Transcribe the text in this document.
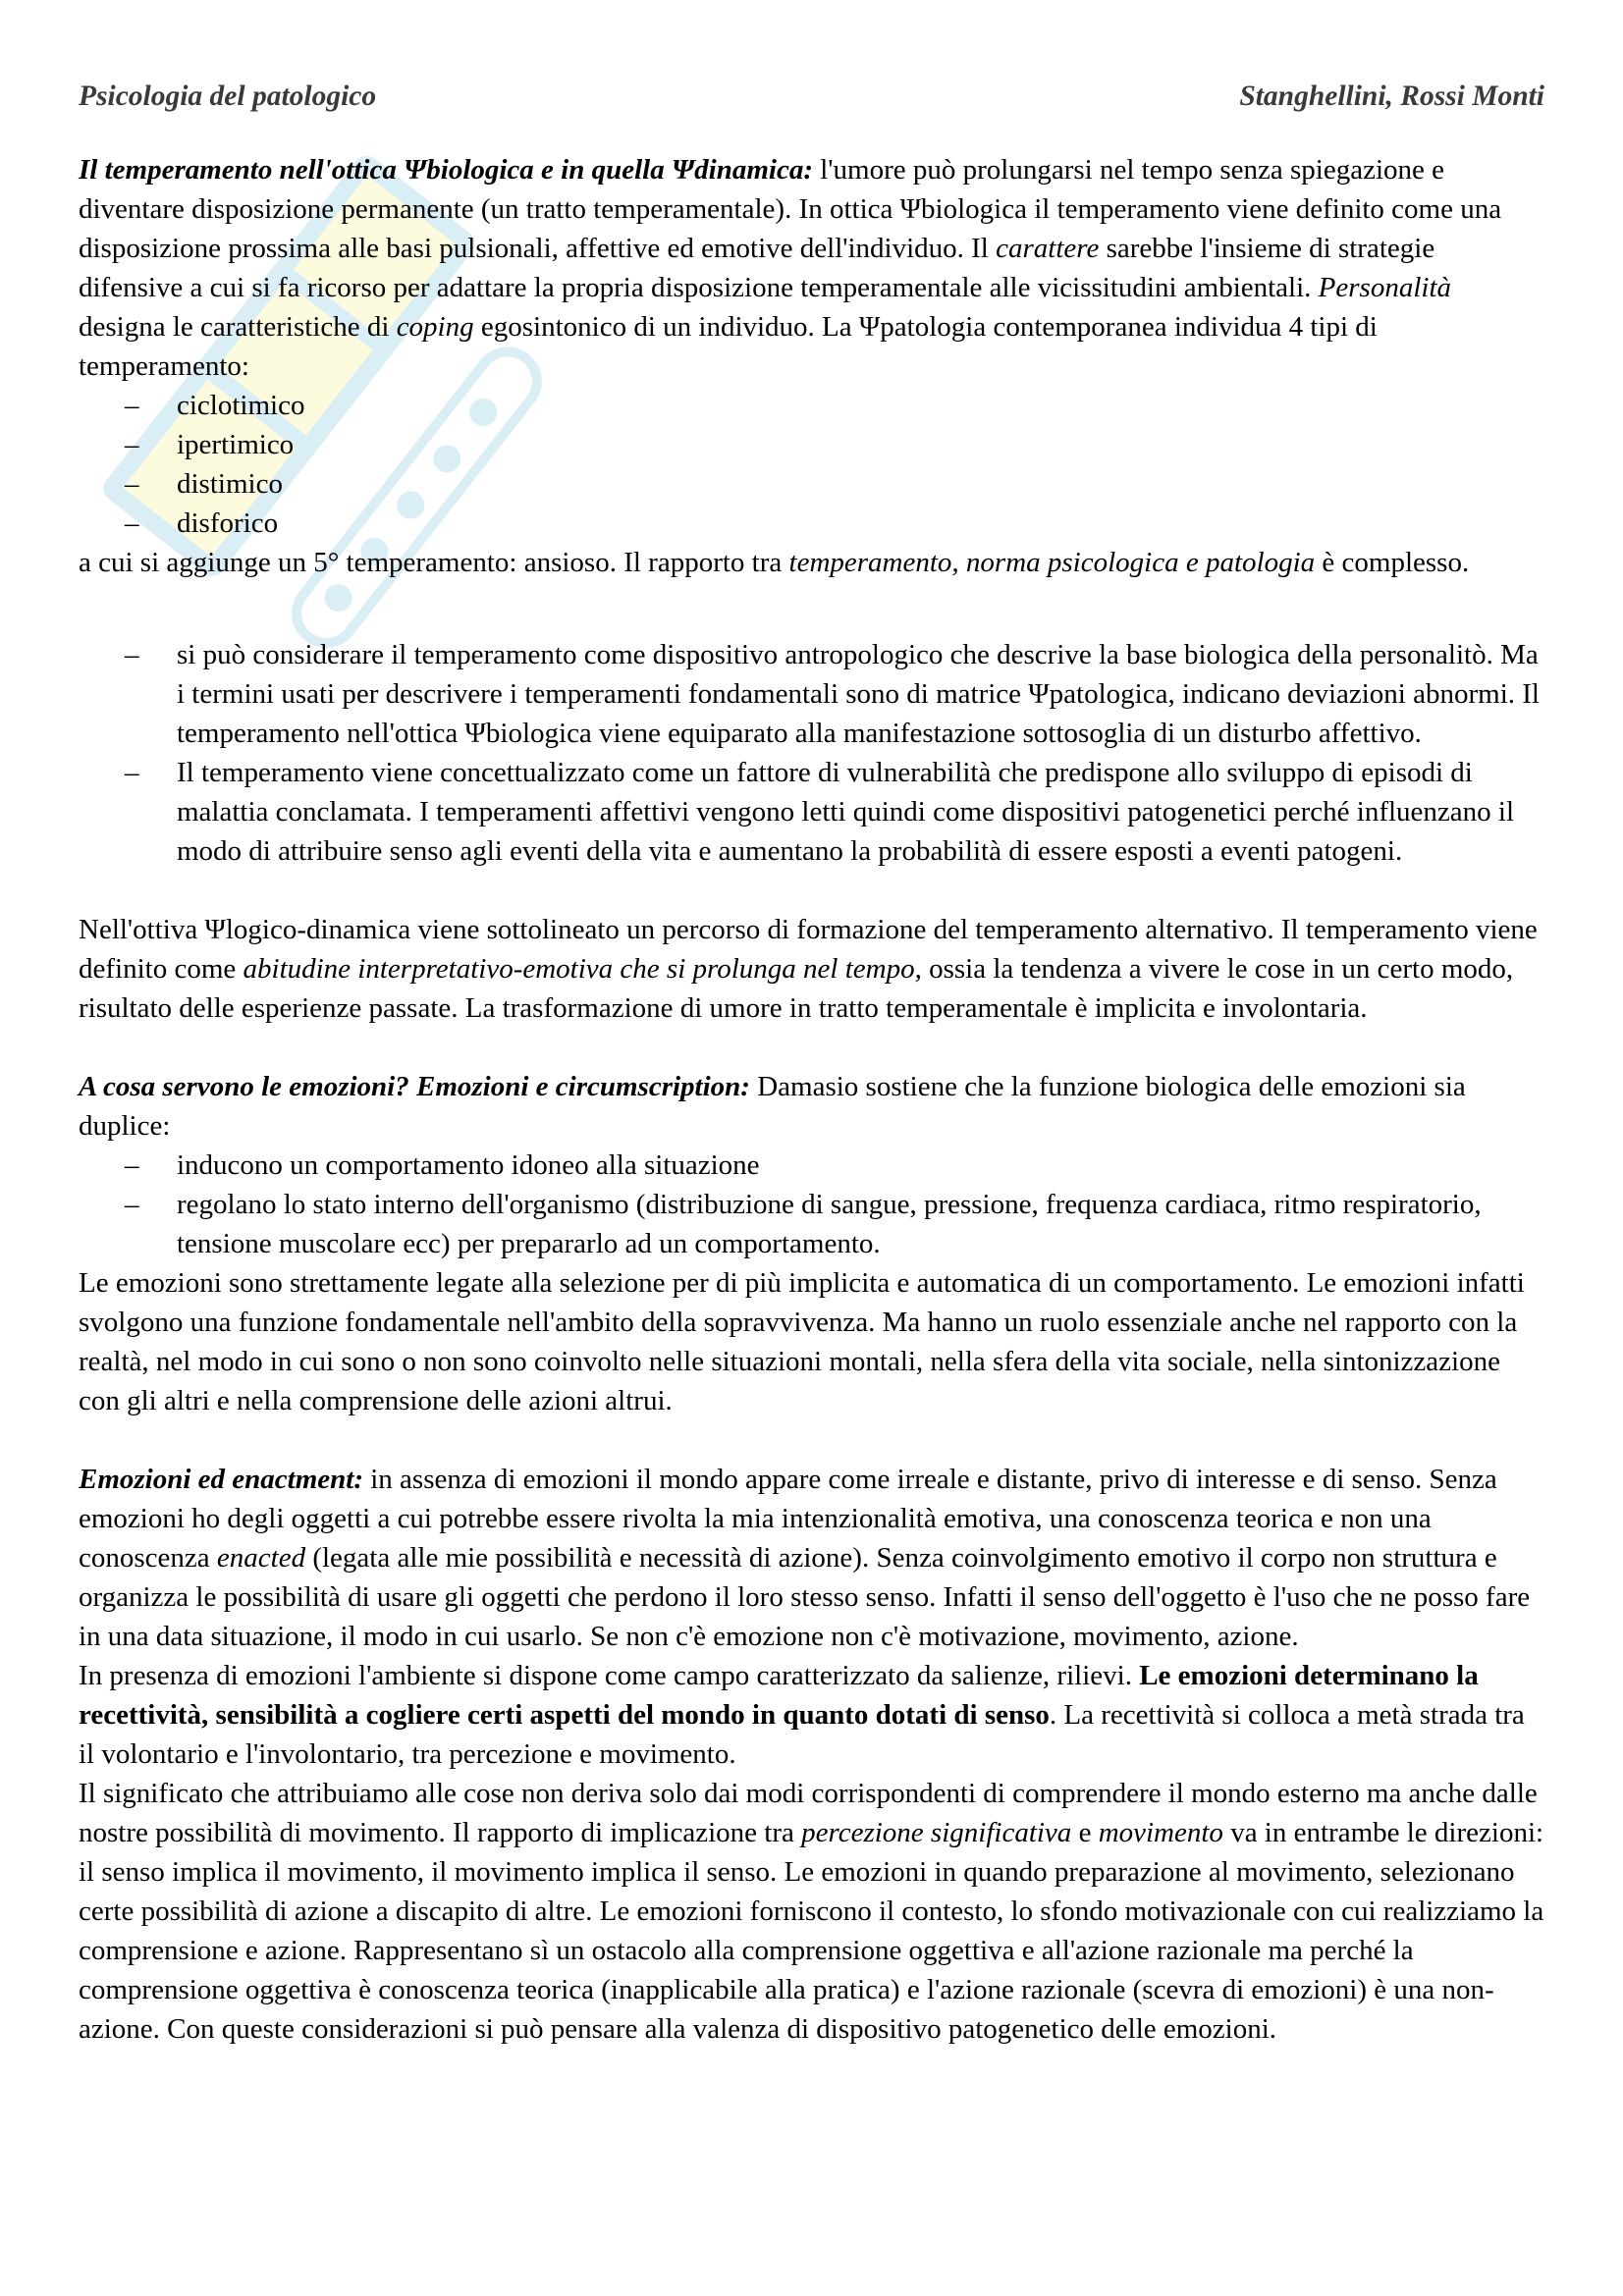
Psicologia del patologico	Stanghellini, Rossi Monti

Il temperamento nell'ottica Ψbiologica e in quella Ψdinamica: l'umore può prolungarsi nel tempo senza spiegazione e diventare disposizione permanente (un tratto temperamentale). In ottica Ψbiologica il temperamento viene definito come una disposizione prossima alle basi pulsionali, affettive ed emotive dell'individuo. Il carattere sarebbe l'insieme di strategie difensive a cui si fa ricorso per adattare la propria disposizione temperamentale alle vicissitudini ambientali. Personalità designa le caratteristiche di coping egosintonico di un individuo. La Ψpatologia contemporanea individua 4 tipi di temperamento:

– ciclotimico
– ipertimico
– distimico
– disforico

a cui si aggiunge un 5° temperamento: ansioso. Il rapporto tra temperamento, norma psicologica e patologia è complesso.

– si può considerare il temperamento come dispositivo antropologico che descrive la base biologica della personalitò. Ma i termini usati per descrivere i temperamenti fondamentali sono di matrice Ψpatologica, indicano deviazioni abnormi. Il temperamento nell'ottica Ψbiologica viene equiparato alla manifestazione sottosoglia di un disturbo affettivo.
– Il temperamento viene concettualizzato come un fattore di vulnerabilità che predispone allo sviluppo di episodi di malattia conclamata. I temperamenti affettivi vengono letti quindi come dispositivi patogenetici perché influenzano il modo di attribuire senso agli eventi della vita e aumentano la probabilità di essere esposti a eventi patogeni.

Nell'ottiva Ψlogico-dinamica viene sottolineato un percorso di formazione del temperamento alternativo. Il temperamento viene definito come abitudine interpretativo-emotiva che si prolunga nel tempo, ossia la tendenza a vivere le cose in un certo modo, risultato delle esperienze passate. La trasformazione di umore in tratto temperamentale è implicita e involontaria.

A cosa servono le emozioni? Emozioni e circumscription: Damasio sostiene che la funzione biologica delle emozioni sia duplice:

– inducono un comportamento idoneo alla situazione
– regolano lo stato interno dell'organismo (distribuzione di sangue, pressione, frequenza cardiaca, ritmo respiratorio, tensione muscolare ecc) per prepararlo ad un comportamento.

Le emozioni sono strettamente legate alla selezione per di più implicita e automatica di un comportamento. Le emozioni infatti svolgono una funzione fondamentale nell'ambito della sopravvivenza. Ma hanno un ruolo essenziale anche nel rapporto con la realtà, nel modo in cui sono o non sono coinvolto nelle situazioni montali, nella sfera della vita sociale, nella sintonizzazione con gli altri e nella comprensione delle azioni altrui.

Emozioni ed enactment: in assenza di emozioni il mondo appare come irreale e distante, privo di interesse e di senso. Senza emozioni ho degli oggetti a cui potrebbe essere rivolta la mia intenzionalità emotiva, una conoscenza teorica e non una conoscenza enacted (legata alle mie possibilità e necessità di azione). Senza coinvolgimento emotivo il corpo non struttura e organizza le possibilità di usare gli oggetti che perdono il loro stesso senso. Infatti il senso dell'oggetto è l'uso che ne posso fare in una data situazione, il modo in cui usarlo. Se non c'è emozione non c'è motivazione, movimento, azione.

In presenza di emozioni l'ambiente si dispone come campo caratterizzato da salienze, rilievi. Le emozioni determinano la recettività, sensibilità a cogliere certi aspetti del mondo in quanto dotati di senso. La recettività si colloca a metà strada tra il volontario e l'involontario, tra percezione e movimento.

Il significato che attribuiamo alle cose non deriva solo dai modi corrispondenti di comprendere il mondo esterno ma anche dalle nostre possibilità di movimento. Il rapporto di implicazione tra percezione significativa e movimento va in entrambe le direzioni: il senso implica il movimento, il movimento implica il senso. Le emozioni in quando preparazione al movimento, selezionano certe possibilità di azione a discapito di altre. Le emozioni forniscono il contesto, lo sfondo motivazionale con cui realizziamo la comprensione e azione. Rappresentano sì un ostacolo alla comprensione oggettiva e all'azione razionale ma perché la comprensione oggettiva è conoscenza teorica (inapplicabile alla pratica) e l'azione razionale (scevra di emozioni) è una non-azione. Con queste considerazioni si può pensare alla valenza di dispositivo patogenetico delle emozioni.
